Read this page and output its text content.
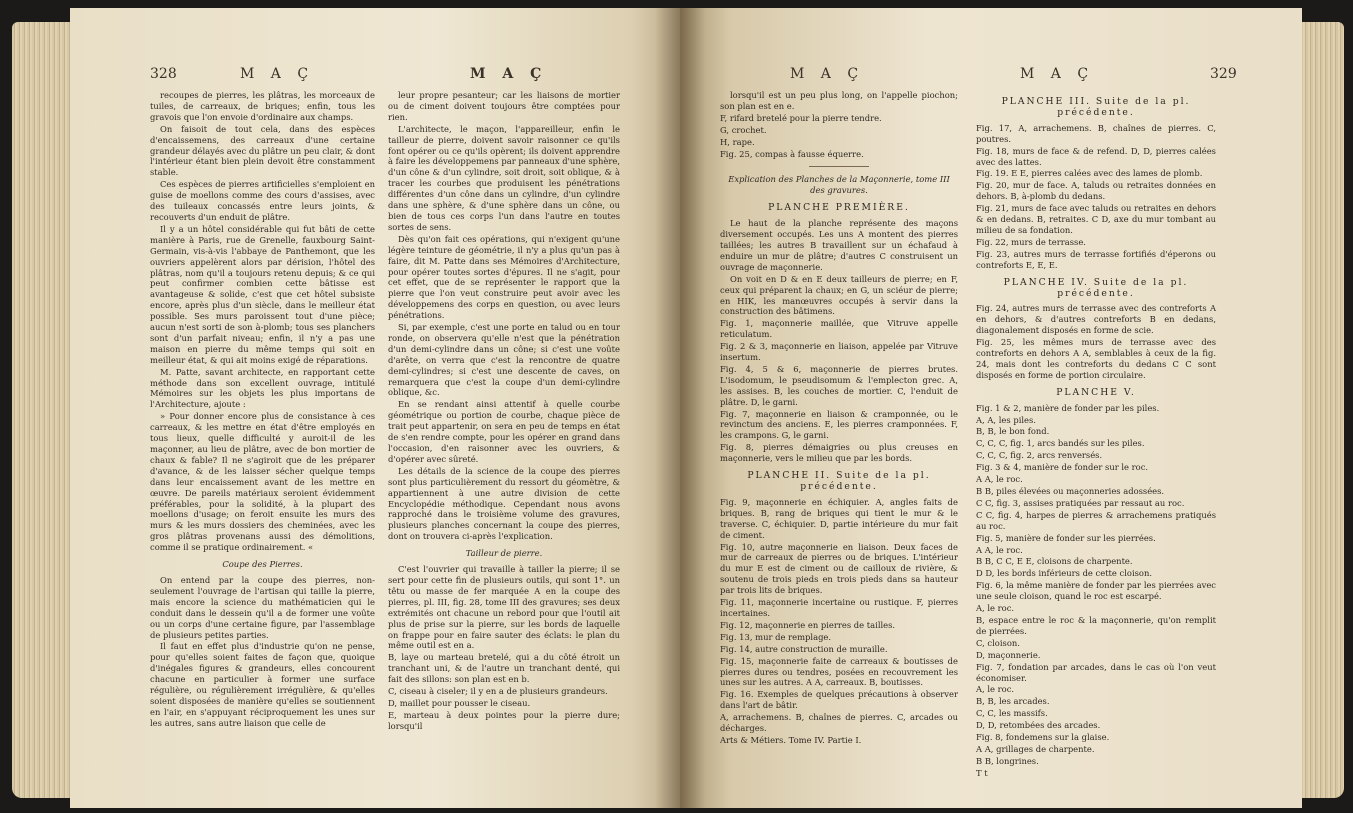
328	M A Ç	M A Ç

recoupes de pierres, les plâtras, les morceaux de tuiles, de carreaux, de briques; enfin, tous les gravois que l'on envoie d'ordinaire aux champs.

On faisoit de tout cela, dans des espèces d'encaissemens, des carreaux d'une certaine grandeur délayés avec du plâtre un peu clair, & dont l'intérieur étant bien plein devoit être constamment stable.

Ces espèces de pierres artificielles s'emploient en guise de moellons comme des cours d'assises, avec des tuileaux concassés entre leurs joints, & recouverts d'un enduit de plâtre.

Il y a un hôtel considérable qui fut bâti de cette manière à Paris, rue de Grenelle, fauxbourg Saint-Germain, vis-à-vis l'abbaye de Panthemont, que les ouvriers appelèrent alors par dérision, l'hôtel des plâtras, nom qu'il a toujours retenu depuis; & ce qui peut confirmer combien cette bâtisse est avantageuse & solide, c'est que cet hôtel subsiste encore, après plus d'un siècle, dans le meilleur état possible. Ses murs paroissent tout d'une pièce; aucun n'est sorti de son à-plomb; tous ses planchers sont d'un parfait niveau; enfin, il n'y a pas une maison en pierre du même temps qui soit en meilleur état, & qui ait moins exigé de réparations.

M. Patte, savant architecte, en rapportant cette méthode dans son excellent ouvrage, intitulé Mémoires sur les objets les plus importans de l'Architecture, ajoute :

» Pour donner encore plus de consistance à ces carreaux, & les mettre en état d'être employés en tous lieux, quelle difficulté y auroit-il de les maçonner, au lieu de plâtre, avec de bon mortier de chaux & fable? Il ne s'agiroit que de les préparer d'avance, & de les laisser sécher quelque temps dans leur encaissement avant de les mettre en œuvre. De pareils matériaux seroient évidemment préférables, pour la solidité, à la plupart des moellons d'usage; on feroit ensuite les murs des murs & les murs dossiers des cheminées, avec les gros plâtras provenans aussi des démolitions, comme il se pratique ordinairement. «

Coupe des Pierres.

On entend par la coupe des pierres, non-seulement l'ouvrage de l'artisan qui taille la pierre, mais encore la science du mathématicien qui le conduit dans le dessein qu'il a de former une voûte ou un corps d'une certaine figure, par l'assemblage de plusieurs petites parties.

Il faut en effet plus d'industrie qu'on ne pense, pour qu'elles soient faites de façon que, quoique d'inégales figures & grandeurs, elles concourent chacune en particulier à former une surface régulière, ou régulièrement irrégulière, & qu'elles soient disposées de manière qu'elles se soutiennent en l'air, en s'appuyant réciproquement les unes sur les autres, sans autre liaison que celle de

leur propre pesanteur; car les liaisons de mortier ou de ciment doivent toujours être comptées pour rien.

L'architecte, le maçon, l'appareilleur, enfin le tailleur de pierre, doivent savoir raisonner ce qu'ils font opérer ou ce qu'ils opèrent; ils doivent apprendre à faire les développemens par panneaux d'une sphère, d'un cône & d'un cylindre, soit droit, soit oblique, & à tracer les courbes que produisent les pénétrations différentes d'un cône dans un cylindre, d'un cylindre dans une sphère, & d'une sphère dans un cône, ou bien de tous ces corps l'un dans l'autre en toutes sortes de sens.

Dès qu'on fait ces opérations, qui n'exigent qu'une légère teinture de géométrie, il n'y a plus qu'un pas à faire, dit M. Patte dans ses Mémoires d'Architecture, pour opérer toutes sortes d'épures. Il ne s'agit, pour cet effet, que de se représenter le rapport que la pierre que l'on veut construire peut avoir avec les développemens des corps en question, ou avec leurs pénétrations.

Si, par exemple, c'est une porte en talud ou en tour ronde, on observera qu'elle n'est que la pénétration d'un demi-cylindre dans un cône; si c'est une voûte d'arête, on verra que c'est la rencontre de quatre demi-cylindres; si c'est une descente de caves, on remarquera que c'est la coupe d'un demi-cylindre oblique, &c.

En se rendant ainsi attentif à quelle courbe géométrique ou portion de courbe, chaque pièce de trait peut appartenir, on sera en peu de temps en état de s'en rendre compte, pour les opérer en grand dans l'occasion, d'en raisonner avec les ouvriers, & d'opérer avec sûreté.

Les détails de la science de la coupe des pierres sont plus particulièrement du ressort du géomètre, & appartiennent à une autre division de cette Encyclopédie méthodique. Cependant nous avons rapproché dans le troisième volume des gravures, plusieurs planches concernant la coupe des pierres, dont on trouvera ci-après l'explication.

Tailleur de pierre.

C'est l'ouvrier qui travaille à tailler la pierre; il se sert pour cette fin de plusieurs outils, qui sont 1°. un têtu ou masse de fer marquée A en la coupe des pierres, pl. III, fig. 28, tome III des gravures; ses deux extrémités ont chacune un rebord pour que l'outil ait plus de prise sur la pierre, sur les bords de laquelle on frappe pour en faire sauter des éclats: le plan du même outil est en a.

B, laye ou marteau bretelé, qui a du côté étroit un tranchant uni, & de l'autre un tranchant denté, qui fait des sillons: son plan est en b.

C, ciseau à ciseler; il y en a de plusieurs grandeurs.

D, maillet pour pousser le ciseau.

E, marteau à deux pointes pour la pierre dure; lorsqu'il

M A Ç	M A Ç	329

lorsqu'il est un peu plus long, on l'appelle piochon; son plan est en e.

F, rifard bretelé pour la pierre tendre.

G, crochet.

H, rape.

Fig. 25, compas à fausse équerre.

Explication des Planches de la Maçonnerie, tome III des gravures.

PLANCHE PREMIÈRE.

Le haut de la planche représente des maçons diversement occupés. Les uns A montent des pierres taillées; les autres B travaillent sur un échafaud à enduire un mur de plâtre; d'autres C construisent un ouvrage de maçonnerie.

On voit en D & en E deux tailleurs de pierre; en F, ceux qui préparent la chaux; en G, un sciéur de pierre; en HIK, les manœuvres occupés à servir dans la construction des bâtimens.

Fig. 1, maçonnerie maillée, que Vitruve appelle reticulatum.

Fig. 2 & 3, maçonnerie en liaison, appelée par Vitruve insertum.

Fig. 4, 5 & 6, maçonnerie de pierres brutes. L'isodomum, le pseudisomum & l'emplecton grec. A, les assises. B, les couches de mortier. C, l'enduit de plâtre. D, le garni.

Fig. 7, maçonnerie en liaison & cramponnée, ou le revinctum des anciens. E, les pierres cramponnées. F, les crampons. G, le garni.

Fig. 8, pierres démaigries ou plus creuses en maçonnerie, vers le milieu que par les bords.

PLANCHE II. Suite de la pl. précédente.

Fig. 9, maçonnerie en échiquier. A, angles faits de briques. B, rang de briques qui tient le mur & le traverse. C, échiquier. D, partie intérieure du mur fait de ciment.

Fig. 10, autre maçonnerie en liaison. Deux faces de mur de carreaux de pierres ou de briques. L'intérieur du mur E est de ciment ou de cailloux de rivière, & soutenu de trois pieds en trois pieds dans sa hauteur par trois lits de briques.

Fig. 11, maçonnerie incertaine ou rustique. F, pierres incertaines.

Fig. 12, maçonnerie en pierres de tailles.

Fig. 13, mur de remplage.

Fig. 14, autre construction de muraille.

Fig. 15, maçonnerie faite de carreaux & boutisses de pierres dures ou tendres, posées en recouvrement les unes sur les autres. A A, carreaux. B, boutisses.

Fig. 16. Exemples de quelques précautions à observer dans l'art de bâtir.

A, arrachemens. B, chaînes de pierres. C, arcades ou décharges.

Arts & Métiers. Tome IV. Partie I.

PLANCHE III. Suite de la pl. précédente.

Fig. 17, A, arrachemens. B, chaînes de pierres. C, poutres.

Fig. 18, murs de face & de refend. D, D, pierres calées avec des lattes.

Fig. 19. E E, pierres calées avec des lames de plomb.

Fig. 20, mur de face. A, taluds ou retraites données en dehors. B, à-plomb du dedans.

Fig. 21, murs de face avec taluds ou retraites en dehors & en dedans. B, retraites. C D, axe du mur tombant au milieu de sa fondation.

Fig. 22, murs de terrasse.

Fig. 23, autres murs de terrasse fortifiés d'éperons ou contreforts E, E, E.

PLANCHE IV. Suite de la pl. précédente.

Fig. 24, autres murs de terrasse avec des contreforts A en dehors, & d'autres contreforts B en dedans, diagonalement disposés en forme de scie.

Fig. 25, les mêmes murs de terrasse avec des contreforts en dehors A A, semblables à ceux de la fig. 24, mais dont les contreforts du dedans C C sont disposés en forme de portion circulaire.

PLANCHE V.

Fig. 1 & 2, manière de fonder par les piles.

A, A, les piles.

B, B, le bon fond.

C, C, C, fig. 1, arcs bandés sur les piles.

C, C, C, fig. 2, arcs renversés.

Fig. 3 & 4, manière de fonder sur le roc.

A A, le roc.

B B, piles élevées ou maçonneries adossées.

C C, fig. 3, assises pratiquées par ressaut au roc.

C C, fig. 4, harpes de pierres & arrachemens pratiqués au roc.

Fig. 5, manière de fonder sur les pierrées.

A A, le roc.

B B, C C, E E, cloisons de charpente.

D D, les bords inférieurs de cette cloison.

Fig. 6, la même manière de fonder par les pierrées avec une seule cloison, quand le roc est escarpé.

A, le roc.

B, espace entre le roc & la maçonnerie, qu'on remplit de pierrées.

C, cloison.

D, maçonnerie.

Fig. 7, fondation par arcades, dans le cas où l'on veut économiser.

A, le roc.

B, B, les arcades.

C, C, les massifs.

D, D, retombées des arcades.

Fig. 8, fondemens sur la glaise.

A A, grillages de charpente.

B B, longrines.

T t
